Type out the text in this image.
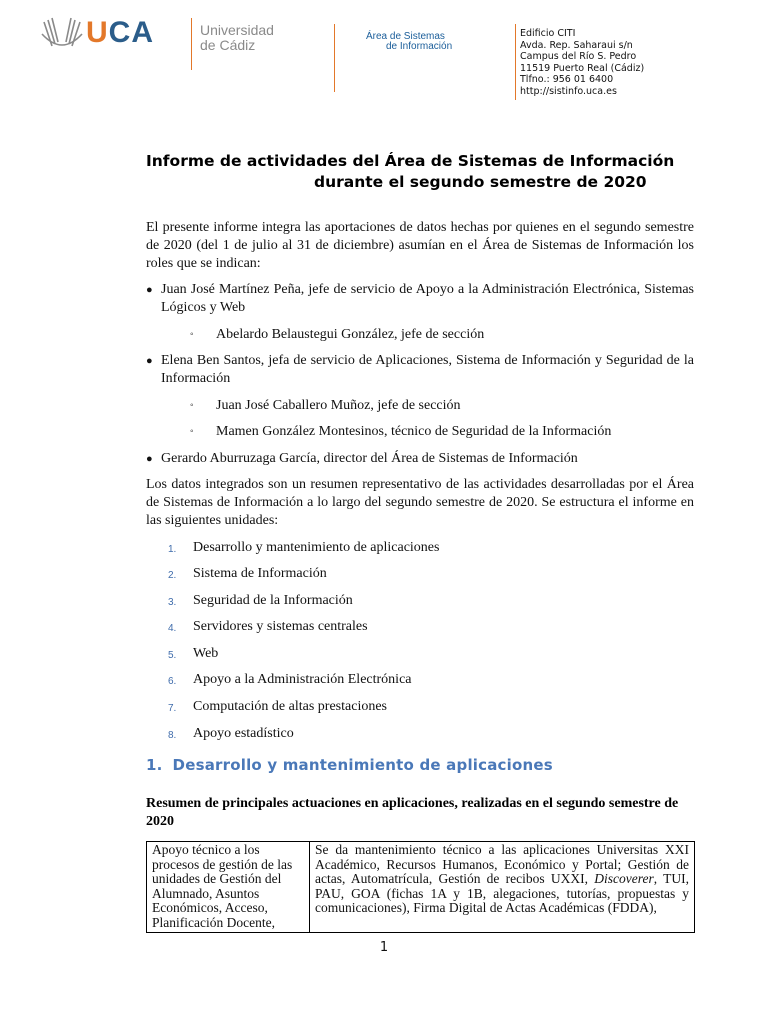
UCA	Universidad
de Cádiz
Área de Sistemas
de Información
Edificio CITI
Avda. Rep. Saharaui s/n
Campus del Río S. Pedro
11519 Puerto Real (Cádiz)
Tlfno.: 956 01 6400
http://sistinfo.uca.es
Informe de actividades del Área de Sistemas de Información
durante el segundo semestre de 2020
El presente informe integra las aportaciones de datos hechas por quienes en el segundo semestre de 2020 (del 1 de julio al 31 de diciembre) asumían en el Área de Sistemas de Información los roles que se indican:
● Juan José Martínez Peña, jefe de servicio de Apoyo a la Administración Electrónica, Sistemas Lógicos y Web
◦ Abelardo Belaustegui González, jefe de sección
● Elena Ben Santos, jefa de servicio de Aplicaciones, Sistema de Información y Seguridad de la Información
◦ Juan José Caballero Muñoz, jefe de sección
◦ Mamen González Montesinos, técnico de Seguridad de la Información
● Gerardo Aburruzaga García, director del Área de Sistemas de Información
Los datos integrados son un resumen representativo de las actividades desarrolladas por el Área de Sistemas de Información a lo largo del segundo semestre de 2020. Se estructura el informe en las siguientes unidades:
1. Desarrollo y mantenimiento de aplicaciones
2. Sistema de Información
3. Seguridad de la Información
4. Servidores y sistemas centrales
5. Web
6. Apoyo a la Administración Electrónica
7. Computación de altas prestaciones
8. Apoyo estadístico
1. Desarrollo y mantenimiento de aplicaciones
Resumen de principales actuaciones en aplicaciones, realizadas en el segundo semestre de 2020
Apoyo técnico a los procesos de gestión de las unidades de Gestión del Alumnado, Asuntos Económicos, Acceso, Planificación Docente,	Se da mantenimiento técnico a las aplicaciones Universitas XXI Académico, Recursos Humanos, Económico y Portal; Gestión de actas, Automatrícula, Gestión de recibos UXXI, Discoverer, TUI, PAU, GOA (fichas 1A y 1B, alegaciones, tutorías, propuestas y comunicaciones), Firma Digital de Actas Académicas (FDDA),
1
